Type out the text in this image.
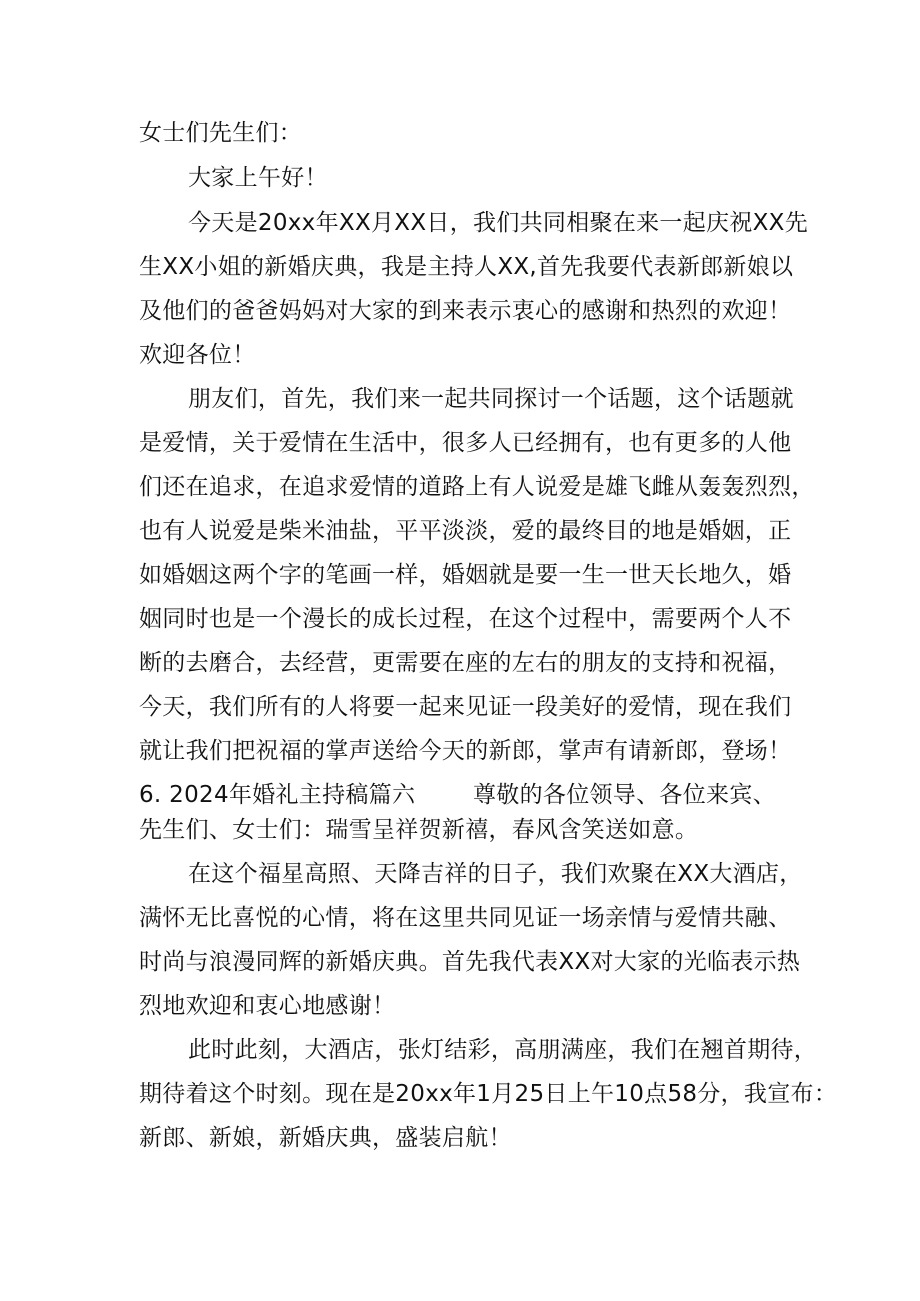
女士们先生们：
大家上午好！
今天是20xx年XX月XX日，我们共同相聚在来一起庆祝XX先
生XX小姐的新婚庆典，我是主持人XX,首先我要代表新郎新娘以
及他们的爸爸妈妈对大家的到来表示衷心的感谢和热烈的欢迎！
欢迎各位！
朋友们，首先，我们来一起共同探讨一个话题，这个话题就
是爱情，关于爱情在生活中，很多人已经拥有，也有更多的人他
们还在追求，在追求爱情的道路上有人说爱是雄飞雌从轰轰烈烈，
也有人说爱是柴米油盐，平平淡淡，爱的最终目的地是婚姻，正
如婚姻这两个字的笔画一样，婚姻就是要一生一世天长地久，婚
姻同时也是一个漫长的成长过程，在这个过程中，需要两个人不
断的去磨合，去经营，更需要在座的左右的朋友的支持和祝福，
今天，我们所有的人将要一起来见证一段美好的爱情，现在我们
就让我们把祝福的掌声送给今天的新郎，掌声有请新郎，登场！
6. 2024年婚礼主持稿篇六	尊敬的各位领导、各位来宾、
先生们、女士们：瑞雪呈祥贺新禧，春风含笑送如意。
在这个福星高照、天降吉祥的日子，我们欢聚在XX大酒店，
满怀无比喜悦的心情，将在这里共同见证一场亲情与爱情共融、
时尚与浪漫同辉的新婚庆典。首先我代表XX对大家的光临表示热
烈地欢迎和衷心地感谢！
此时此刻，大酒店，张灯结彩，高朋满座，我们在翘首期待，
期待着这个时刻。现在是20xx年1月25日上午10点58分，我宣布：
新郎、新娘，新婚庆典，盛装启航！
